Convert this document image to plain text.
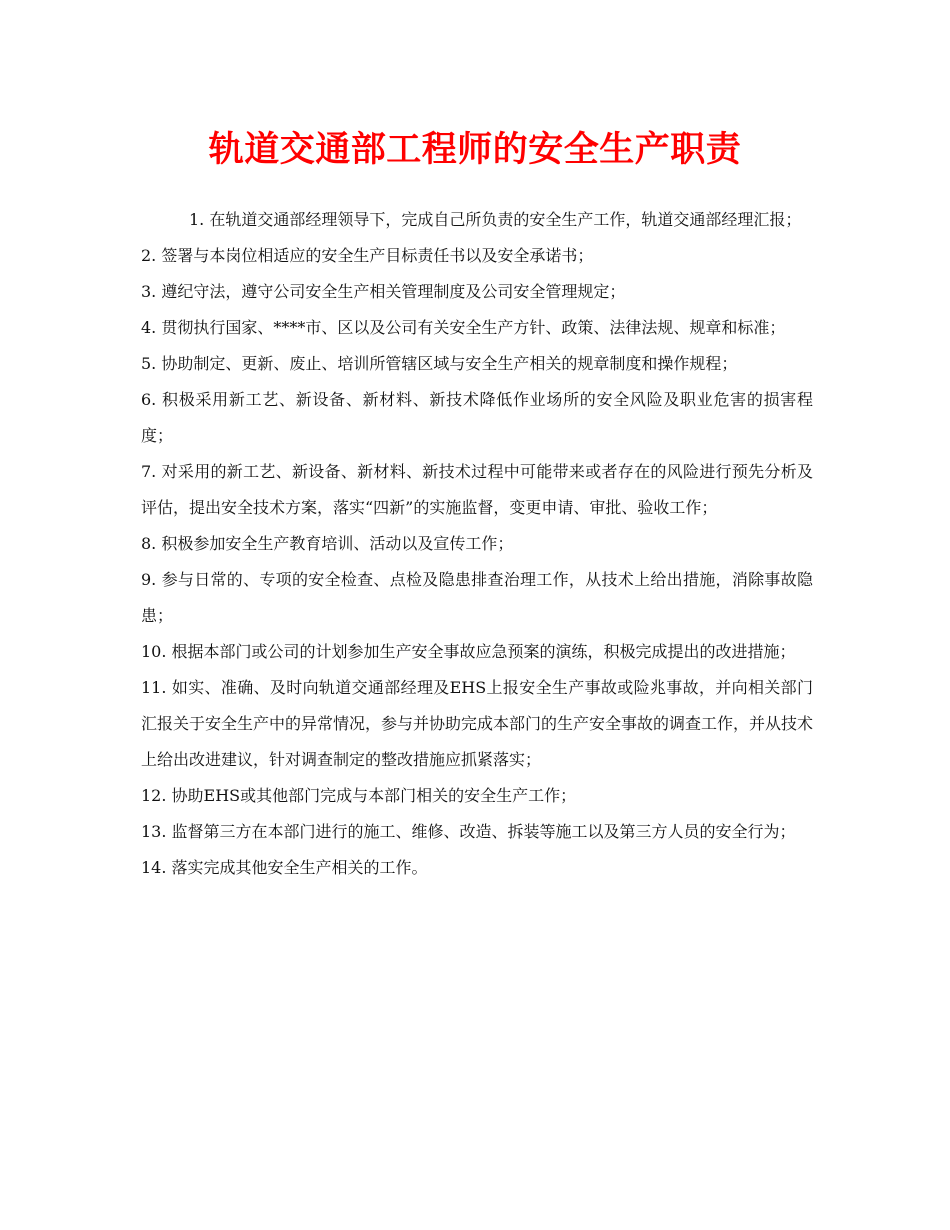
轨道交通部工程师的安全生产职责

1. 在轨道交通部经理领导下，完成自己所负责的安全生产工作，轨道交通部经理汇报；

2. 签署与本岗位相适应的安全生产目标责任书以及安全承诺书；

3. 遵纪守法，遵守公司安全生产相关管理制度及公司安全管理规定；

4. 贯彻执行国家、****市、区以及公司有关安全生产方针、政策、法律法规、规章和标准；

5. 协助制定、更新、废止、培训所管辖区域与安全生产相关的规章制度和操作规程；

6. 积极采用新工艺、新设备、新材料、新技术降低作业场所的安全风险及职业危害的损害程度；

7. 对采用的新工艺、新设备、新材料、新技术过程中可能带来或者存在的风险进行预先分析及评估，提出安全技术方案，落实“四新”的实施监督，变更申请、审批、验收工作；

8. 积极参加安全生产教育培训、活动以及宣传工作；

9. 参与日常的、专项的安全检查、点检及隐患排查治理工作，从技术上给出措施，消除事故隐患；

10. 根据本部门或公司的计划参加生产安全事故应急预案的演练，积极完成提出的改进措施；

11. 如实、准确、及时向轨道交通部经理及EHS上报安全生产事故或险兆事故，并向相关部门汇报关于安全生产中的异常情况，参与并协助完成本部门的生产安全事故的调查工作，并从技术上给出改进建议，针对调查制定的整改措施应抓紧落实；

12. 协助EHS或其他部门完成与本部门相关的安全生产工作；

13. 监督第三方在本部门进行的施工、维修、改造、拆装等施工以及第三方人员的安全行为；

14. 落实完成其他安全生产相关的工作。
